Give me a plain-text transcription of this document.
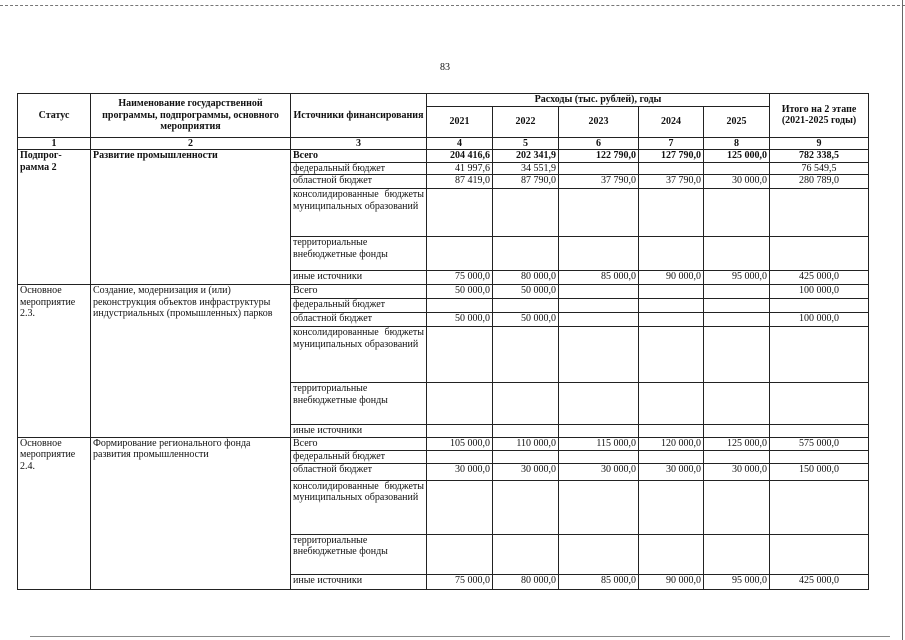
83
Статус	Наименование государственной программы, подпрограммы, основного мероприятия	Источники финансирования	Расходы (тыс. рублей), годы					Итого на 2 этапе (2021-2025 годы)
			2021	2022	2023	2024	2025	
1	2	3	4	5	6	7	8	9
Подпрог-рамма 2	Развитие промышленности	Всего	204 416,6	202 341,9	122 790,0	127 790,0	125 000,0	782 338,5
		федеральный бюджет	41 997,6	34 551,9				76 549,5
		областной бюджет	87 419,0	87 790,0	37 790,0	37 790,0	30 000,0	280 789,0
		консолидированные бюджеты муниципальных образований						
		территориальные внебюджетные фонды						
		иные источники	75 000,0	80 000,0	85 000,0	90 000,0	95 000,0	425 000,0
Основное мероприятие 2.3.	Создание, модернизация и (или) реконструкция объектов инфраструктуры индустриальных (промышленных) парков	Всего	50 000,0	50 000,0				100 000,0
		федеральный бюджет						
		областной бюджет	50 000,0	50 000,0				100 000,0
		консолидированные бюджеты муниципальных образований						
		территориальные внебюджетные фонды						
		иные источники						
Основное мероприятие 2.4.	Формирование регионального фонда развития промышленности	Всего	105 000,0	110 000,0	115 000,0	120 000,0	125 000,0	575 000,0
		федеральный бюджет						
		областной бюджет	30 000,0	30 000,0	30 000,0	30 000,0	30 000,0	150 000,0
		консолидированные бюджеты муниципальных образований						
		территориальные внебюджетные фонды						
		иные источники	75 000,0	80 000,0	85 000,0	90 000,0	95 000,0	425 000,0
